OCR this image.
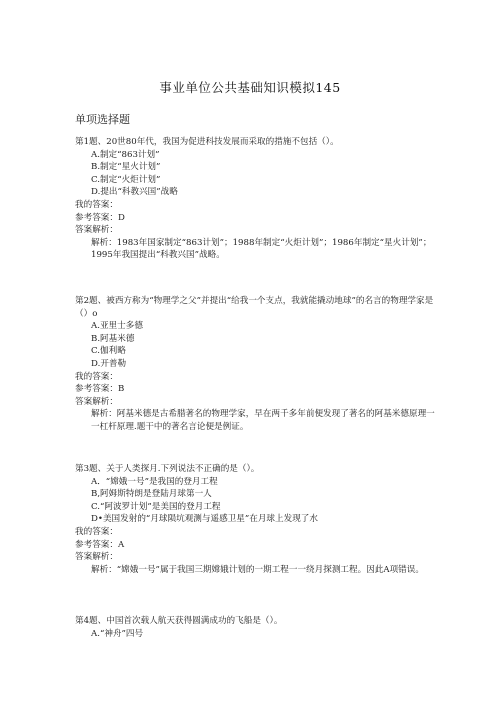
事业单位公共基础知识模拟145
单项选择题
第1题、20世80年代，我国为促进科技发展而采取的措施不包括（）。
A.制定“863计划”
B.制定“星火计划”
C.制定“火炬计划”
D.提出“科教兴国”战略
我的答案：
参考答案：D
答案解析：
解析：1983年国家制定“863计划”；1988年制定“火炬计划”；1986年制定“星火计划”；1995年我国提出“科教兴国”战略。
第2题、被西方称为“物理学之父”并提出“给我一个支点，我就能撬动地球”的名言的物理学家是（）o
A.亚里士多德
B.阿基米德
C.伽利略
D.开普勒
我的答案：
参考答案：B
答案解析：
解析：阿基米德是古希腊著名的物理学家，早在两千多年前便发现了著名的阿基米德原理一一杠杆原理.题干中的著名言论便是例证。
第3题、关于人类探月.下列说法不正确的是（）。
A．“嫦娥一号”是我国的登月工程
B,阿姆斯特朗是登陆月球第一人
C.“阿波罗计划”是美国的登月工程
D•美国发射的“月球陨坑观测与遥感卫星”在月球上发现了水
我的答案：
参考答案：A
答案解析：
解析：“嫦娥一号”属于我国三期嫦娥计划的一期工程一一绕月探测工程。因此A项错误。
第4题、中国首次载人航天获得圆满成功的飞船是（）。
A.“神舟”四号
